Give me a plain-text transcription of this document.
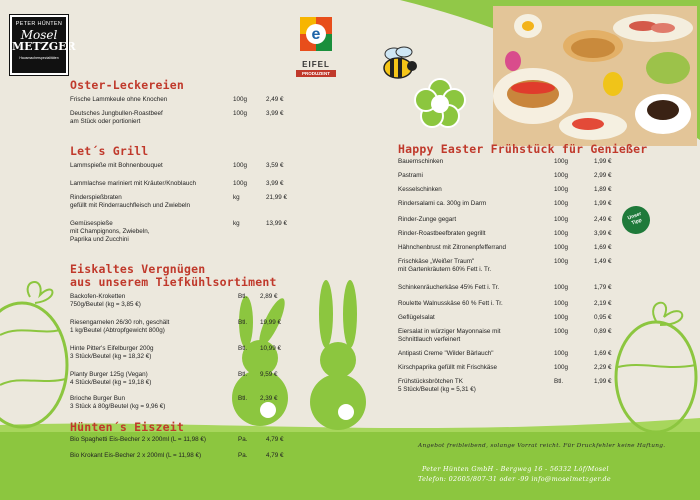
PETER HÜNTEN
Mosel
METZGER
Hausmacherspezialitäten
e
EIFEL
PRODUZENT
Oster-Leckereien
Frische Lammkeule ohne Knochen	100g	2,49 €
Deutsches Jungbullen-Roastbeef
am Stück oder portioniert
100g	3,99 €
Let´s Grill
Lammspieße mit Bohnenbouquet	100g	3,59 €
Lammlachse mariniert mit Kräuter/Knoblauch	100g	3,99 €
Rinderspießbraten
gefüllt mit Rinderrauchfleisch und Zwiebeln
kg	21,99 €
Gemüsespieße
mit Champignons, Zwiebeln,
Paprika und Zucchini
kg	13,99 €
Eiskaltes Vergnügen
aus unserem Tiefkühlsortiment
Backofen-Kroketten
750g/Beutel (kg = 3,85 €)
Btl. 2,89 €
Riesengarnelen 26/30 roh, geschält
1 kg/Beutel (Abtropfgewicht 800g)
Btl. 19,99 €
Hinte Pitter's Eifelburger 200g
3 Stück/Beutel (kg = 18,32 €)
Btl. 10,99 €
Planty Burger 125g (Vegan)
4 Stück/Beutel (kg = 19,18 €)
Btl. 9,59 €
Brioche Burger Bun
3 Stück á 80g/Beutel (kg = 9,96 €)
Btl. 2,39 €
Hünten´s Eiszeit
Bio Spaghetti Eis-Becher 2 x 200ml (L = 11,98 €)	Pa.	4,79 €
Bio Krokant Eis-Becher 2 x 200ml (L = 11,98 €)	Pa.	4,79 €
Happy Easter Frühstück für Genießer
Bauernschinken	100g	1,99 €
Pastrami	100g	2,99 €
Kesselschinken	100g	1,89 €
Rindersalami ca. 300g im Darm	100g	1,99 €
Rinder-Zunge gegart	100g	2,49 €
Rinder-Roastbeefbraten gegrillt	100g	3,99 €
Hähnchenbrust mit Zitronenpfefferrand	100g	1,69 €
Frischkäse „Weißer Traum"
mit Gartenkräutern 60% Fett i. Tr.
100g	1,49 €
Schinkenräucherkäse 45% Fett i. Tr.	100g	1,79 €
Roulette Walnusskäse 60 % Fett i. Tr.	100g	2,19 €
Geflügelsalat	100g	0,95 €
Eiersalat in würziger Mayonnaise mit
Schnittlauch verfeinert
100g	0,89 €
Antipasti Creme "Wilder Bärlauch"	100g	1,69 €
Kirschpaprika gefüllt mit Frischkäse	100g	2,29 €
Frühstücksbrötchen TK
5 Stück/Beutel (kg = 5,31 €)
Btl.	1,99 €
Unser
Tipp
Angebot freibleibend, solange Vorrat reicht. Für Druckfehler keine Haftung.
Peter Hünten GmbH - Bergweg 16 - 56332 Löf/Mosel
Telefon: 02605/807-31 oder -99 info@moselmetzger.de
